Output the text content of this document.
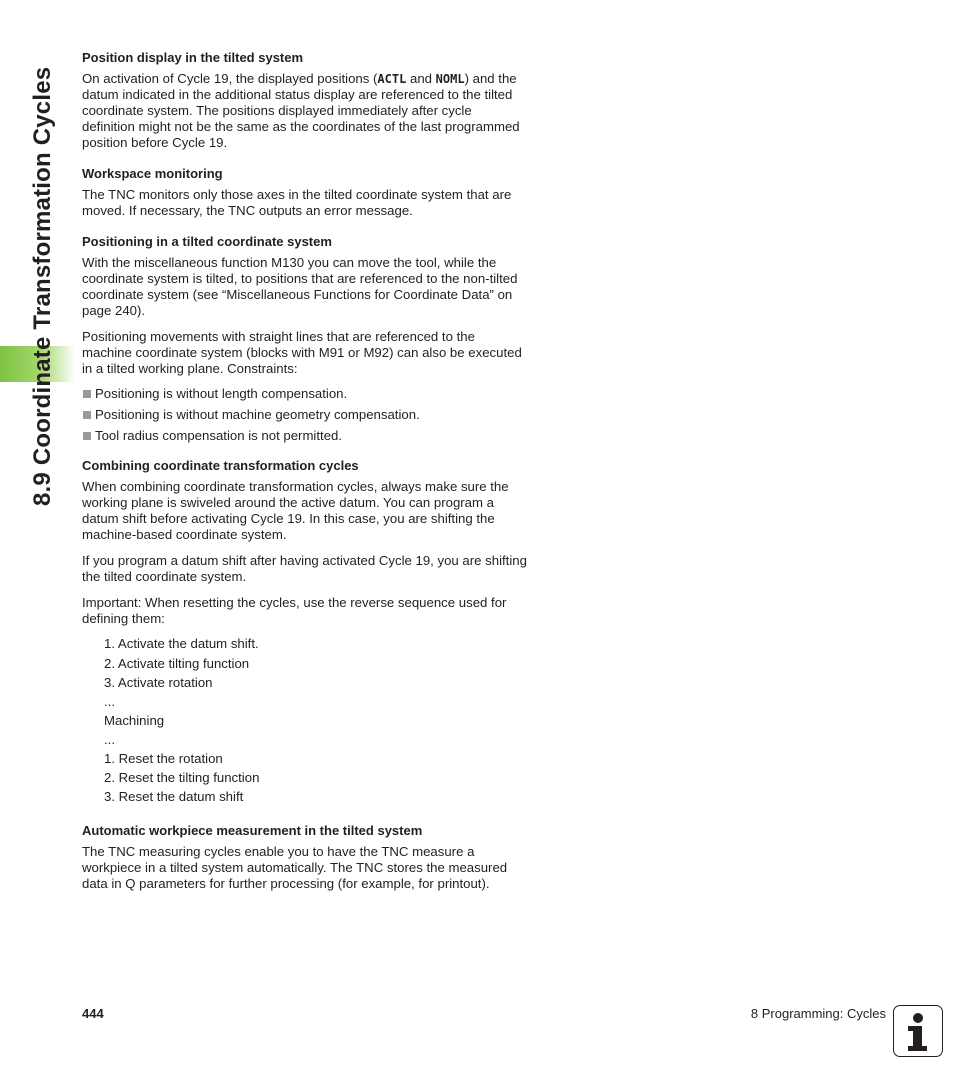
8.9 Coordinate Transformation Cycles
Position display in the tilted system

On activation of Cycle 19, the displayed positions (ACTL and NOML) and the datum indicated in the additional status display are referenced to the tilted coordinate system. The positions displayed immediately after cycle definition might not be the same as the coordinates of the last programmed position before Cycle 19.

Workspace monitoring

The TNC monitors only those axes in the tilted coordinate system that are moved. If necessary, the TNC outputs an error message.

Positioning in a tilted coordinate system

With the miscellaneous function M130 you can move the tool, while the coordinate system is tilted, to positions that are referenced to the non-tilted coordinate system (see “Miscellaneous Functions for Coordinate Data” on page 240).

Positioning movements with straight lines that are referenced to the machine coordinate system (blocks with M91 or M92) can also be executed in a tilted working plane. Constraints:

Positioning is without length compensation.
Positioning is without machine geometry compensation.
Tool radius compensation is not permitted.
Combining coordinate transformation cycles

When combining coordinate transformation cycles, always make sure the working plane is swiveled around the active datum. You can program a datum shift before activating Cycle 19. In this case, you are shifting the machine-based coordinate system.

If you program a datum shift after having activated Cycle 19, you are shifting the tilted coordinate system.

Important: When resetting the cycles, use the reverse sequence used for defining them:

1. Activate the datum shift.
2. Activate tilting function
3. Activate rotation
...
Machining
...
1. Reset the rotation
2. Reset the tilting function
3. Reset the datum shift
Automatic workpiece measurement in the tilted system

The TNC measuring cycles enable you to have the TNC measure a workpiece in a tilted system automatically. The TNC stores the measured data in Q parameters for further processing (for example, for printout).

444	8 Programming: Cycles
